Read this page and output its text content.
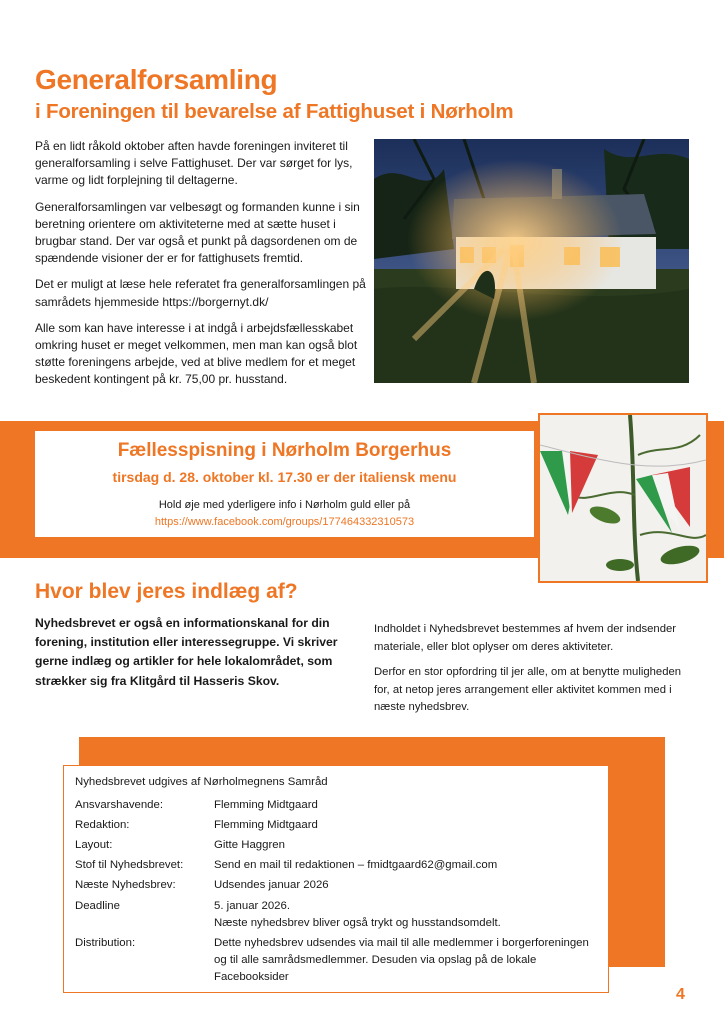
Generalforsamling
i Foreningen til bevarelse af Fattighuset i Nørholm

På en lidt råkold oktober aften havde foreningen inviteret til generalforsamling i selve Fattighuset. Der var sørget for lys, varme og lidt forplejning til deltagerne.

Generalforsamlingen var velbesøgt og formanden kunne i sin beretning orientere om aktiviteterne med at sætte huset i brugbar stand. Der var også et punkt på dagsordenen om de spændende visioner der er for fattighusets fremtid.

Det er muligt at læse hele referatet fra generalforsamlingen på samrådets hjemmeside https://borgernyt.dk/

Alle som kan have interesse i at indgå i arbejdsfællesskabet omkring huset er meget velkommen, men man kan også blot støtte foreningens arbejde, ved at blive medlem for et meget beskedent kontingent på kr. 75,00 pr. husstand.

Fællesspisning i Nørholm Borgerhus

tirsdag d. 28. oktober kl. 17.30 er der italiensk menu

Hold øje med yderligere info i Nørholm guld eller på

https://www.facebook.com/groups/177464332310573
Hvor blev jeres indlæg af?

Nyhedsbrevet er også en informationskanal for din forening, institution eller interessegruppe. Vi skriver gerne indlæg og artikler for hele lokalområdet, som strækker sig fra Klitgård til Hasseris Skov.

Indholdet i Nyhedsbrevet bestemmes af hvem der indsender materiale, eller blot oplyser om deres aktiviteter.

Derfor en stor opfordring til jer alle, om at benytte muligheden for, at netop jeres arrangement eller aktivitet kommen med i næste nyhedsbrev.

Nyhedsbrevet udgives af Nørholmegnens Samråd

Ansvarshavende:	Flemming Midtgaard
Redaktion:	Flemming Midtgaard
Layout:	Gitte Haggren
Stof til Nyhedsbrevet:	Send en mail til redaktionen – fmidtgaard62@gmail.com
Næste Nyhedsbrev:	Udsendes januar 2026
Deadline	5. januar 2026.
Næste nyhedsbrev bliver også trykt og husstandsomdelt.
Distribution:	Dette nyhedsbrev udsendes via mail til alle medlemmer i borgerforeningen og til alle samrådsmedlemmer. Desuden via opslag på de lokale Facebooksider
4
